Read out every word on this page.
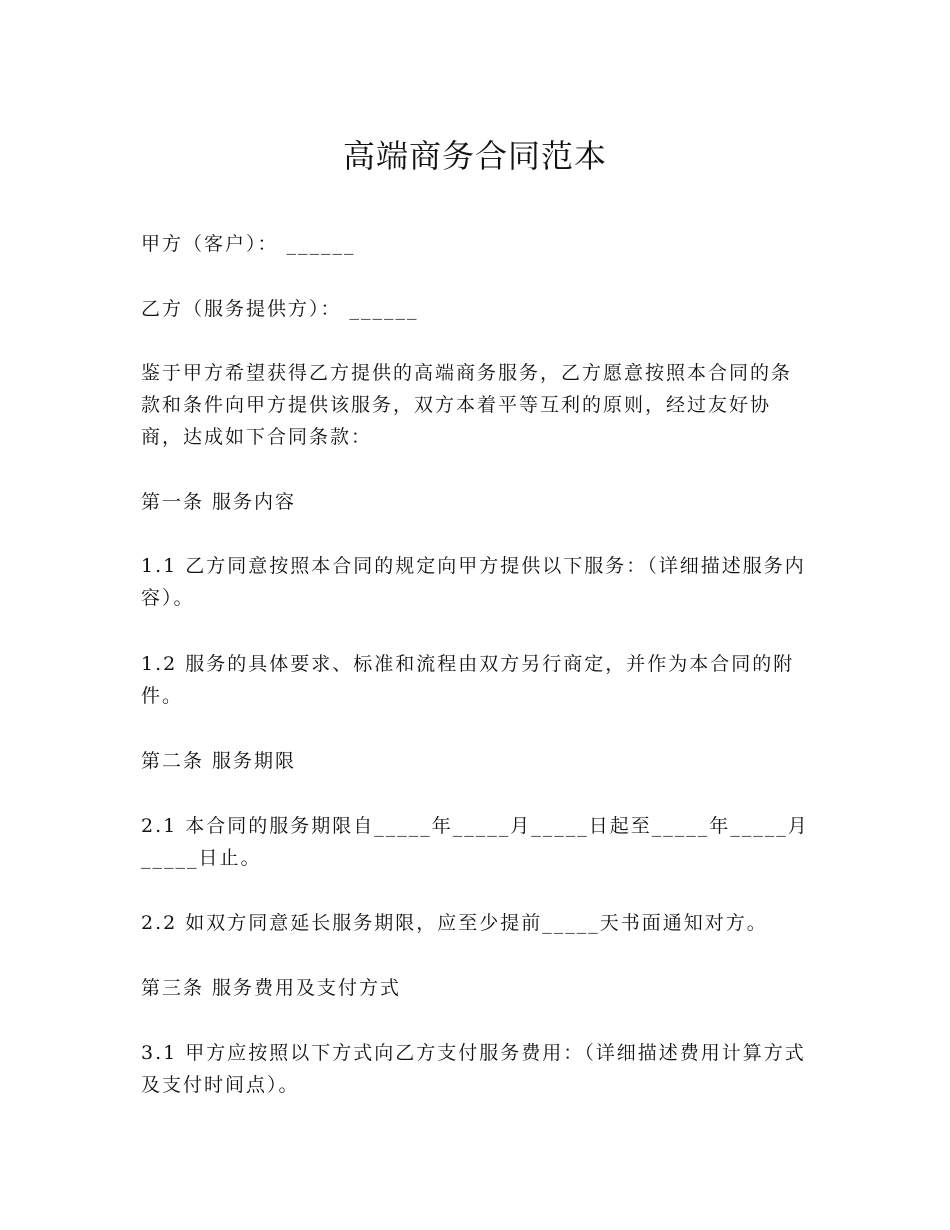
高端商务合同范本
甲方（客户）： ______
乙方（服务提供方）： ______
鉴于甲方希望获得乙方提供的高端商务服务，乙方愿意按照本合同的条款和条件向甲方提供该服务，双方本着平等互利的原则，经过友好协商，达成如下合同条款：
第一条 服务内容
1.1 乙方同意按照本合同的规定向甲方提供以下服务：（详细描述服务内容）。
1.2 服务的具体要求、标准和流程由双方另行商定，并作为本合同的附件。
第二条 服务期限
2.1 本合同的服务期限自_____年_____月_____日起至_____年_____月_____日止。
2.2 如双方同意延长服务期限，应至少提前_____天书面通知对方。
第三条 服务费用及支付方式
3.1 甲方应按照以下方式向乙方支付服务费用：（详细描述费用计算方式及支付时间点）。
